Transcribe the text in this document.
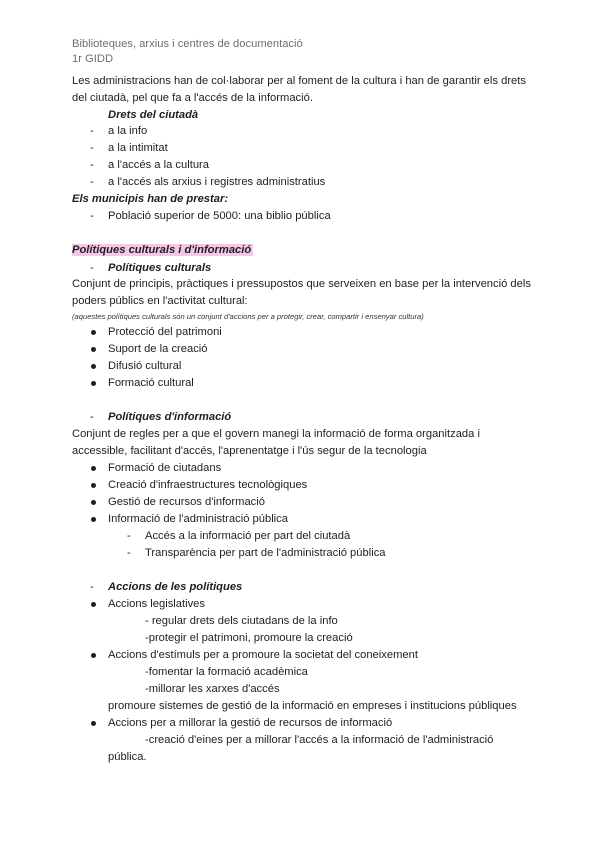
Biblioteques, arxius i centres de documentació
1r GIDD
Les administracions han de col·laborar per al foment de la cultura i han de garantir els drets
del ciutadà, pel que fa a l'accés de la informació.
Drets del ciutadà
- a la info
- a la intimitat
- a l'accés a la cultura
- a l'accés als arxius i registres administratius
Els municipis han de prestar:
- Població superior de 5000: una biblio pública
Polítiques culturals i d'informació
- Polítiques culturals
Conjunt de principis, pràctiques i pressupostos que serveixen en base per la intervenció dels
poders públics en l'activitat cultural:
(aquestes polítiques culturals són un conjunt d'accions per a protegir, crear, compartir i ensenyar cultura)
Protecció del patrimoni
Suport de la creació
Difusió cultural
Formació cultural
- Polítiques d'informació
Conjunt de regles per a que el govern manegi la informació de forma organitzada i
accessible, facilitant d'accés, l'aprenentatge i l'ús segur de la tecnologia
Formació de ciutadans
Creació d'infraestructures tecnològiques
Gestió de recursos d'informació
Informació de l'administració pública
- Accés a la informació per part del ciutadà
- Transparència per part de l'administració pública
- Accions de les polítiques
Accions legislatives
- regular drets dels ciutadans de la info
-protegir el patrimoni, promoure la creació
Accions d'estímuls per a promoure la societat del coneixement
-fomentar la formació acadèmica
-millorar les xarxes d'accés
promoure sistemes de gestió de la informació en empreses i institucions públiques
Accions per a millorar la gestió de recursos de informació
-creació d'eines per a millorar l'accés a la informació de l'administració
pública.
